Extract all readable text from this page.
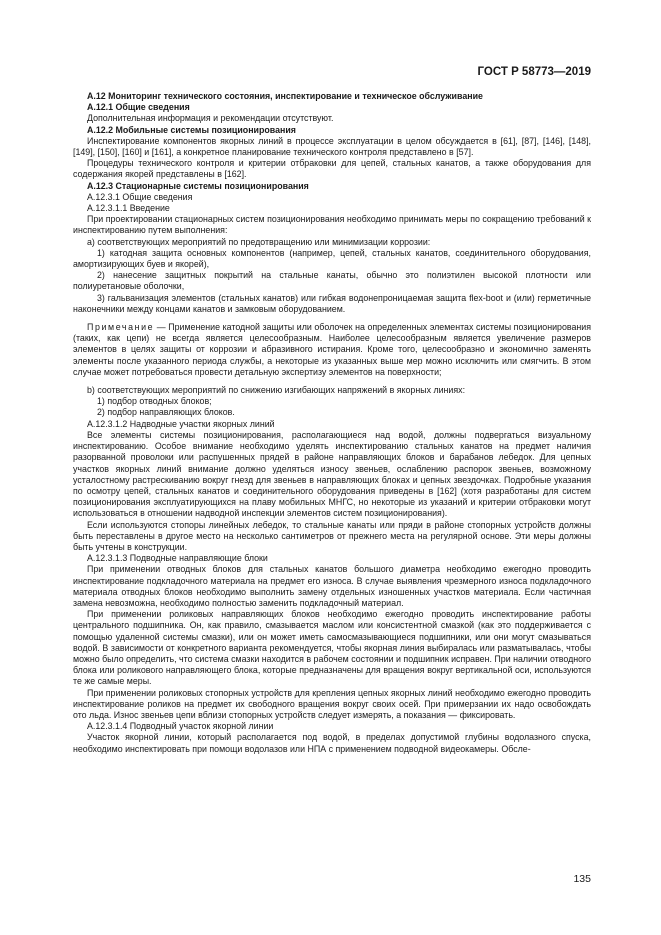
ГОСТ Р 58773—2019

А.12 Мониторинг технического состояния, инспектирование и техническое обслуживание

А.12.1 Общие сведения

Дополнительная информация и рекомендации отсутствуют.

А.12.2 Мобильные системы позиционирования

Инспектирование компонентов якорных линий в процессе эксплуатации в целом обсуждается в [61], [87], [146], [148], [149], [150], [160] и [161], а конкретное планирование технического контроля представлено в [57].

Процедуры технического контроля и критерии отбраковки для цепей, стальных канатов, а также оборудования для содержания якорей представлены в [162].

А.12.3 Стационарные системы позиционирования

А.12.3.1 Общие сведения

А.12.3.1.1 Введение

При проектировании стационарных систем позиционирования необходимо принимать меры по сокращению требований к инспектированию путем выполнения:

а) соответствующих мероприятий по предотвращению или минимизации коррозии:

1) катодная защита основных компонентов (например, цепей, стальных канатов, соединительного оборудования, амортизирующих буев и якорей),

2) нанесение защитных покрытий на стальные канаты, обычно это полиэтилен высокой плотности или полиуретановые оболочки,

3) гальванизация элементов (стальных канатов) или гибкая водонепроницаемая защита flex-boot и (или) герметичные наконечники между концами канатов и замковым оборудованием.

Примечание — Применение катодной защиты или оболочек на определенных элементах системы позиционирования (таких, как цепи) не всегда является целесообразным. Наиболее целесообразным является увеличение размеров элементов в целях защиты от коррозии и абразивного истирания. Кроме того, целесообразно и экономично заменять элементы после указанного периода службы, а некоторые из указанных выше мер можно исключить или смягчить. В этом случае может потребоваться провести детальную экспертизу элементов на поверхности;

b) соответствующих мероприятий по снижению изгибающих напряжений в якорных линиях:

1) подбор отводных блоков;

2) подбор направляющих блоков.

А.12.3.1.2 Надводные участки якорных линий

Все элементы системы позиционирования, располагающиеся над водой, должны подвергаться визуальному инспектированию. Особое внимание необходимо уделять инспектированию стальных канатов на предмет наличия разорванной проволоки или распушенных прядей в районе направляющих блоков и барабанов лебедок. Для цепных участков якорных линий внимание должно уделяться износу звеньев, ослаблению распорок звеньев, возможному усталостному растрескиванию вокруг гнезд для звеньев в направляющих блоках и цепных звездочках. Подробные указания по осмотру цепей, стальных канатов и соединительного оборудования приведены в [162] (хотя разработаны для систем позиционирования эксплуатирующихся на плаву мобильных МНГС, но некоторые из указаний и критерии отбраковки могут использоваться в отношении надводной инспекции элементов систем позиционирования).

Если используются стопоры линейных лебедок, то стальные канаты или пряди в районе стопорных устройств должны быть переставлены в другое место на несколько сантиметров от прежнего места на регулярной основе. Эти меры должны быть учтены в конструкции.

А.12.3.1.3 Подводные направляющие блоки

При применении отводных блоков для стальных канатов большого диаметра необходимо ежегодно проводить инспектирование подкладочного материала на предмет его износа. В случае выявления чрезмерного износа подкладочного материала отводных блоков необходимо выполнить замену отдельных изношенных участков материала. Если частичная замена невозможна, необходимо полностью заменить подкладочный материал.

При применении роликовых направляющих блоков необходимо ежегодно проводить инспектирование работы центрального подшипника. Он, как правило, смазывается маслом или консистентной смазкой (как это поддерживается с помощью удаленной системы смазки), или он может иметь самосмазывающиеся подшипники, или они могут смазываться водой. В зависимости от конкретного варианта рекомендуется, чтобы якорная линия выбиралась или разматывалась, чтобы можно было определить, что система смазки находится в рабочем состоянии и подшипник исправен. При наличии отводного блока или роликового направляющего блока, которые предназначены для вращения вокруг вертикальной оси, используются те же самые меры.

При применении роликовых стопорных устройств для крепления цепных якорных линий необходимо ежегодно проводить инспектирование роликов на предмет их свободного вращения вокруг своих осей. При примерзании их надо освобождать ото льда. Износ звеньев цепи вблизи стопорных устройств следует измерять, а показания — фиксировать.

А.12.3.1.4 Подводный участок якорной линии

Участок якорной линии, который располагается под водой, в пределах допустимой глубины водолазного спуска, необходимо инспектировать при помощи водолазов или НПА с применением подводной видеокамеры. Обсле-

135
